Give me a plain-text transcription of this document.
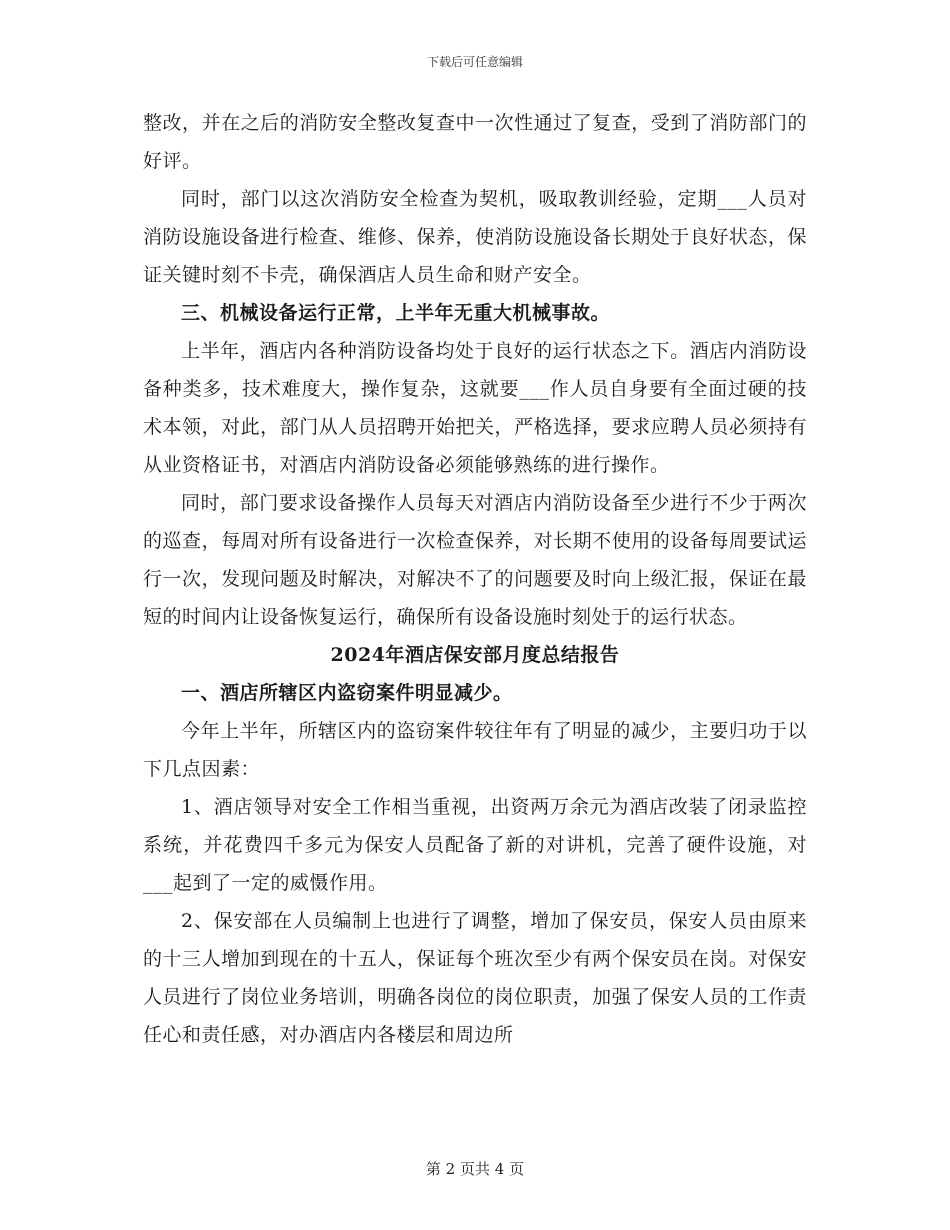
下载后可任意编辑

整改，并在之后的消防安全整改复查中一次性通过了复查，受到了消防部门的好评。

同时，部门以这次消防安全检查为契机，吸取教训经验，定期___人员对消防设施设备进行检查、维修、保养，使消防设施设备长期处于良好状态，保证关键时刻不卡壳，确保酒店人员生命和财产安全。

三、机械设备运行正常，上半年无重大机械事故。

上半年，酒店内各种消防设备均处于良好的运行状态之下。酒店内消防设备种类多，技术难度大，操作复杂，这就要___作人员自身要有全面过硬的技术本领，对此，部门从人员招聘开始把关，严格选择，要求应聘人员必须持有从业资格证书，对酒店内消防设备必须能够熟练的进行操作。

同时，部门要求设备操作人员每天对酒店内消防设备至少进行不少于两次的巡查，每周对所有设备进行一次检查保养，对长期不使用的设备每周要试运行一次，发现问题及时解决，对解决不了的问题要及时向上级汇报，保证在最短的时间内让设备恢复运行，确保所有设备设施时刻处于的运行状态。

2024年酒店保安部月度总结报告
一、酒店所辖区内盗窃案件明显减少。

今年上半年，所辖区内的盗窃案件较往年有了明显的减少，主要归功于以下几点因素：

1、酒店领导对安全工作相当重视，出资两万余元为酒店改装了闭录监控系统，并花费四千多元为保安人员配备了新的对讲机，完善了硬件设施，对___起到了一定的威慑作用。

2、保安部在人员编制上也进行了调整，增加了保安员，保安人员由原来的十三人增加到现在的十五人，保证每个班次至少有两个保安员在岗。对保安人员进行了岗位业务培训，明确各岗位的岗位职责，加强了保安人员的工作责任心和责任感，对办酒店内各楼层和周边所

第 2 页共 4 页
